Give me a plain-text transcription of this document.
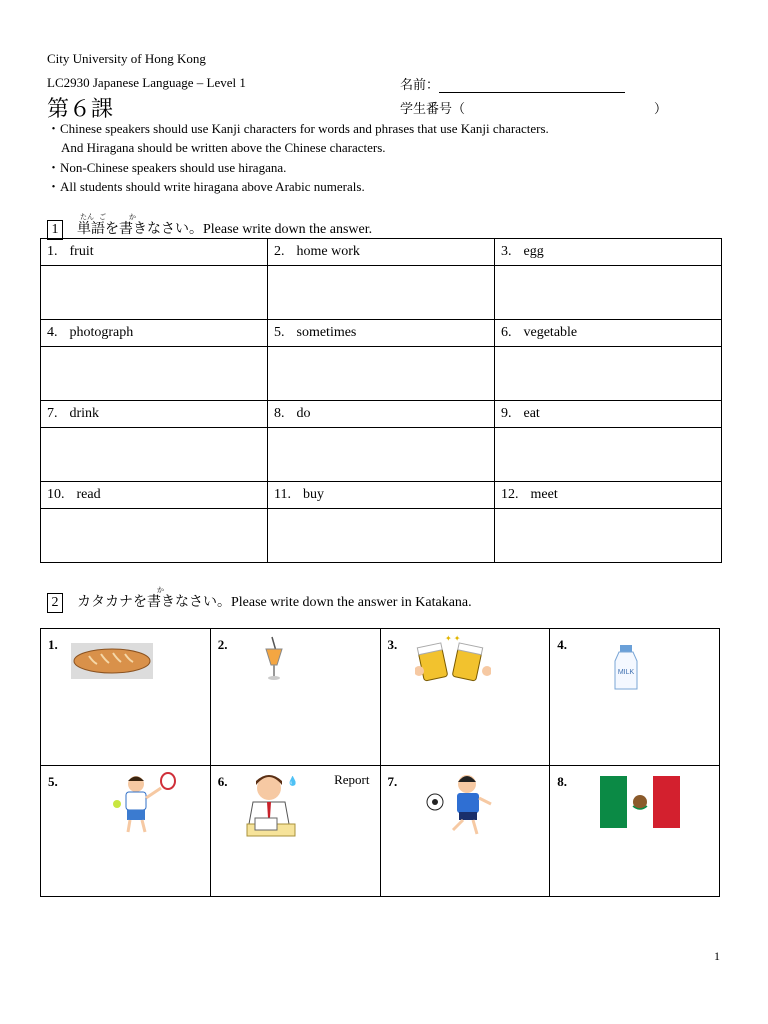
City University of Hong Kong
LC2930 Japanese Language – Level 1
第６課
名前：
学生番号（	）
・Chinese speakers should use Kanji characters for words and phrases that use Kanji characters.
And Hiragana should be written above the Chinese characters.
・Non-Chinese speakers should use hiragana.
・All students should write hiragana above Arabic numerals.
1 単語を書きなさい。Please write down the answer.
たん ご	か
1. fruit	2. home work	3. egg

4. photograph	5. sometimes	6. vegetable

7. drink	8. do	9. eat

10. read	11. buy	12. meet

2 カタカナを書きなさい。Please write down the answer in Katakana.
か
1.	2.	3. ✦ ✦	4.
MILK

5.	6. Report
💧	7.	8.
1
